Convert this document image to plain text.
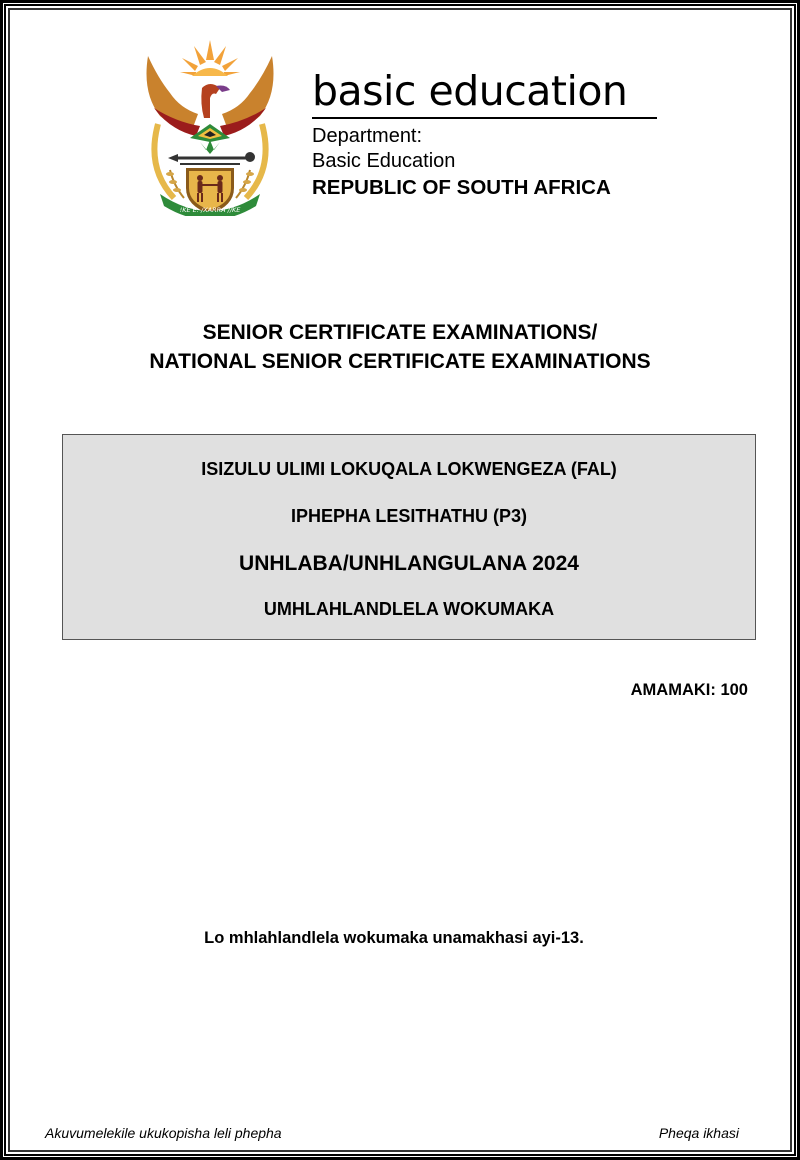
!KE E: /XARRA //KE
basic education
Department:
Basic Education
REPUBLIC OF SOUTH AFRICA
SENIOR CERTIFICATE EXAMINATIONS/
NATIONAL SENIOR CERTIFICATE EXAMINATIONS
ISIZULU ULIMI LOKUQALA LOKWENGEZA (FAL)
IPHEPHA LESITHATHU (P3)
UNHLABA/UNHLANGULANA 2024
UMHLAHLANDLELA WOKUMAKA
AMAMAKI: 100
Lo mhlahlandlela wokumaka unamakhasi ayi-13.
Akuvumelekile ukukopisha leli phepha	Pheqa ikhasi
